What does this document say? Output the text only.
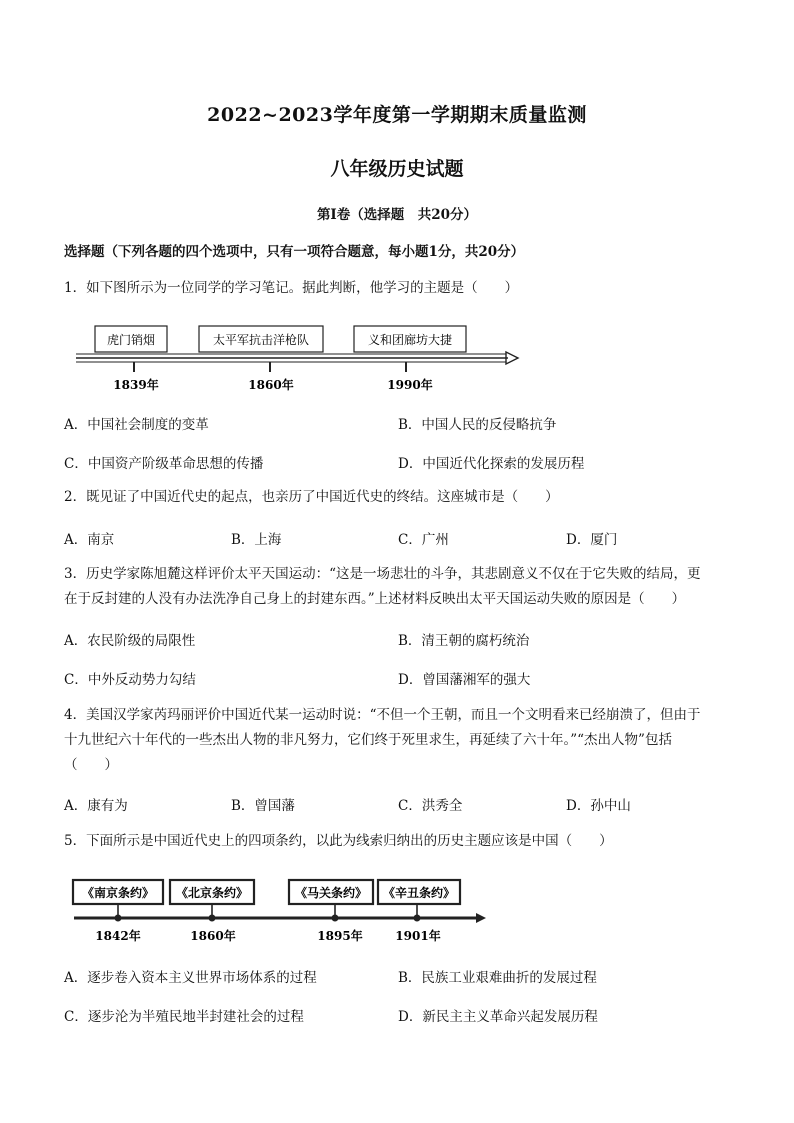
2022~2023学年度第一学期期末质量监测
八年级历史试题
第Ⅰ卷（选择题　共20分）
选择题（下列各题的四个选项中，只有一项符合题意，每小题1分，共20分）
1．如下图所示为一位同学的学习笔记。据此判断，他学习的主题是（　　）
虎门销烟	太平军抗击洋枪队	义和团廊坊大捷
1839年	1860年	1990年
A．中国社会制度的变革	B．中国人民的反侵略抗争
C．中国资产阶级革命思想的传播	D．中国近代化探索的发展历程
2．既见证了中国近代史的起点，也亲历了中国近代史的终结。这座城市是（　　）
A．南京	B．上海	C．广州	D．厦门
3．历史学家陈旭麓这样评价太平天国运动：“这是一场悲壮的斗争，其悲剧意义不仅在于它失败的结局，更
在于反封建的人没有办法洗净自己身上的封建东西。”上述材料反映出太平天国运动失败的原因是（　　）
A．农民阶级的局限性	B．清王朝的腐朽统治
C．中外反动势力勾结	D．曾国藩湘军的强大
4．美国汉学家芮玛丽评价中国近代某一运动时说：“不但一个王朝，而且一个文明看来已经崩溃了，但由于
十九世纪六十年代的一些杰出人物的非凡努力，它们终于死里求生，再延续了六十年。”“杰出人物”包括
（　　）
A．康有为	B．曾国藩	C．洪秀全	D．孙中山
5．下面所示是中国近代史上的四项条约，以此为线索归纳出的历史主题应该是中国（　　）
《南京条约》 《北京条约》	《马关条约》 《辛丑条约》
1842年	1860年	1895年	1901年
A．逐步卷入资本主义世界市场体系的过程	B．民族工业艰难曲折的发展过程
C．逐步沦为半殖民地半封建社会的过程	D．新民主主义革命兴起发展历程
